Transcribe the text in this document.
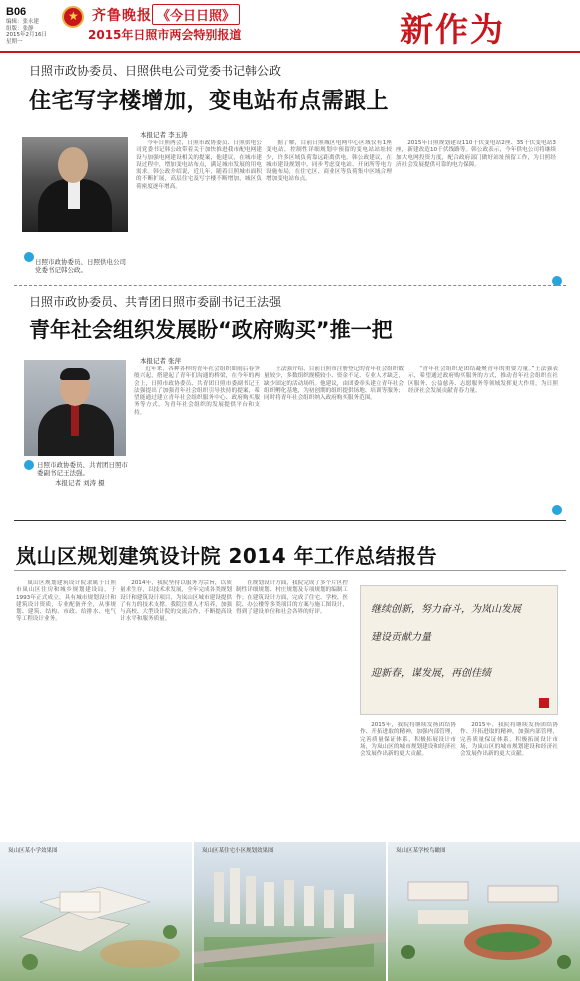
B06
编辑：张永建
组版：张静
2015年2月16日
星期一
★
齐鲁晚报 《今日日照》
2015年日照市两会特别报道	新作为
日照市政协委员、日照供电公司党委书记韩公政
住宅写字楼增加，变电站布点需跟上
本报记者 李玉涛
日照市政协委员、日照供电公司党委书记韩公政。

今年日照两会，日照市政协委员、日照供电公司党委书记韩公政带着关于加快推进我市配电网建设与加强电网建设相关的提案，他建议，在城市建设过程中，增加变电站布点，满足城市发展的用电需求。韩公政介绍说，近几年，随着日照城市面积的不断扩展，高层住宅及写字楼不断增加，城区负荷密度逐年增高。

据了解，目前日照城区电网中心区域仅有1座变电站，控制性详细规划中预留的变电站站址较少，许多区域负荷靠远距离供电。韩公政建议，在城市建设规划中，同步考虑变电站、开闭所等电力设施布局，在住宅区、商业区等负荷集中区域合理增加变电站布点。

2015年日照规划建设110千伏变电站2座、35千伏变电站3座，新建改造10千伏线路等。韩公政表示，今年供电公司将继续加大电网投资力度，配合政府部门做好站址预留工作，为日照经济社会发展提供可靠的电力保障。

日照市政协委员、共青团日照市委副书记王法强
青年社会组织发展盼“政府购买”推一把
本报记者 张萍
日照市政协委员、共青团日照市委副书记王法强。
本报记者 刘涛 摄

近年来，各种各样的青年社会组织如雨后春笋般兴起，搭建起了青年们沟通的桥梁，在今年的两会上，日照市政协委员、共青团日照市委副书记王法强提出了加强青年社会组织引导扶持的提案，希望能通过建立青年社会组织服务中心、政府购买服务等方式，为青年社会组织的发展提供平台和支持。

王法强介绍，目前日照市注册登记的青年社会组织数量较少，多数组织规模较小、资金不足、专业人才缺乏，缺少固定的活动场所。他建议，由团委牵头建立青年社会组织孵化基地，为初创期的组织提供场地、培训等服务；同时将青年社会组织纳入政府购买服务范围。

“青年社会组织是团结凝聚青年的重要力量。”王法强表示，希望通过政府购买服务的方式，推动青年社会组织在社区服务、公益慈善、志愿服务等领域发挥更大作用，为日照经济社会发展贡献青春力量。

岚山区规划建筑设计院 2014 年工作总结报告

岚山区规划建筑设计院隶属于日照市岚山区住房和城乡规划建设局，于1993年正式成立，具有城市规划设计和建筑设计资质，专业配备齐全，从事规划、建筑、结构、市政、给排水、电气等工程设计业务。

2014年，我院坚持以服务为宗旨，以质量求生存，以技术求发展，全年完成各类规划设计和建筑设计项目，为岚山区城市建设提供了有力的技术支撑。我院注重人才培养，加强与高校、大型设计院的交流合作，不断提高设计水平和服务质量。

在规划设计方面，我院完成了多个片区控制性详细规划、村庄规划及专项规划的编制工作；在建筑设计方面，完成了住宅、学校、医院、办公楼等多类项目的方案与施工图设计，得到了建设单位和社会各界的好评。	继续创新，努力奋斗，为岚山发展
建设贡献力量
迎新春，谋发展，再创佳绩

2015年，我院将继续发扬团结协作、开拓进取的精神，加强内部管理，完善质量保证体系，积极拓展设计市场，为岚山区的城市规划建设和经济社会发展作出新的更大贡献。

2015年，我院将继续发扬团结协作、开拓进取的精神，加强内部管理，完善质量保证体系，积极拓展设计市场，为岚山区的城市规划建设和经济社会发展作出新的更大贡献。

岚山区某小学效果图	岚山区某住宅小区规划效果图	岚山区某学校鸟瞰图
